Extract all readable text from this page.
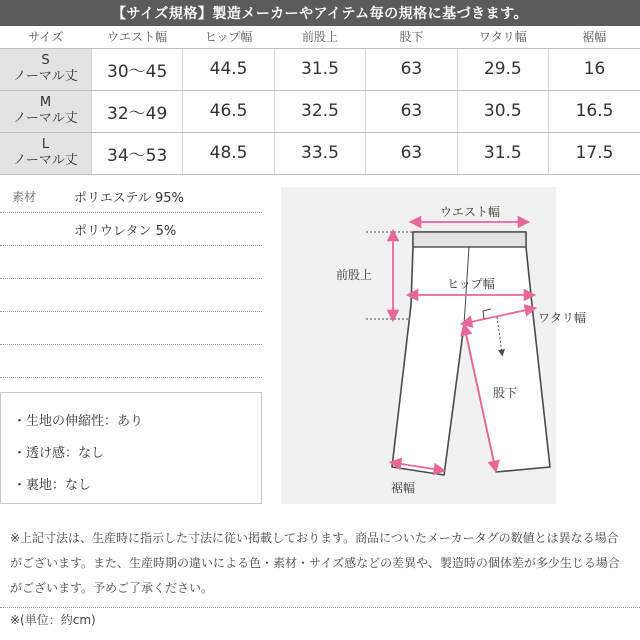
【サイズ規格】製造メーカーやアイテム毎の規格に基づきます。
サイズ	ウエスト幅	ヒップ幅	前股上	股下	ワタリ幅	裾幅
S
ノーマル丈	30〜45	44.5	31.5	63	29.5	16
M
ノーマル丈	32〜49	46.5	32.5	63	30.5	16.5
L
ノーマル丈	34〜53	48.5	33.5	63	31.5	17.5
素材	ポリエステル 95%
ポリウレタン 5%
・生地の伸縮性：あり
・透け感：なし
・裏地：なし
ウエスト幅
前股上
ヒップ幅
ワタリ幅
股下
裾幅
※上記寸法は、生産時に指示した寸法に従い掲載しております。商品についたメーカータグの数値とは異なる場合がございます。また、生産時期の違いによる色・素材・サイズ感などの差異や、製造時の個体差が多少生じる場合がございます。予めご了承ください。
※(単位：約cm)
